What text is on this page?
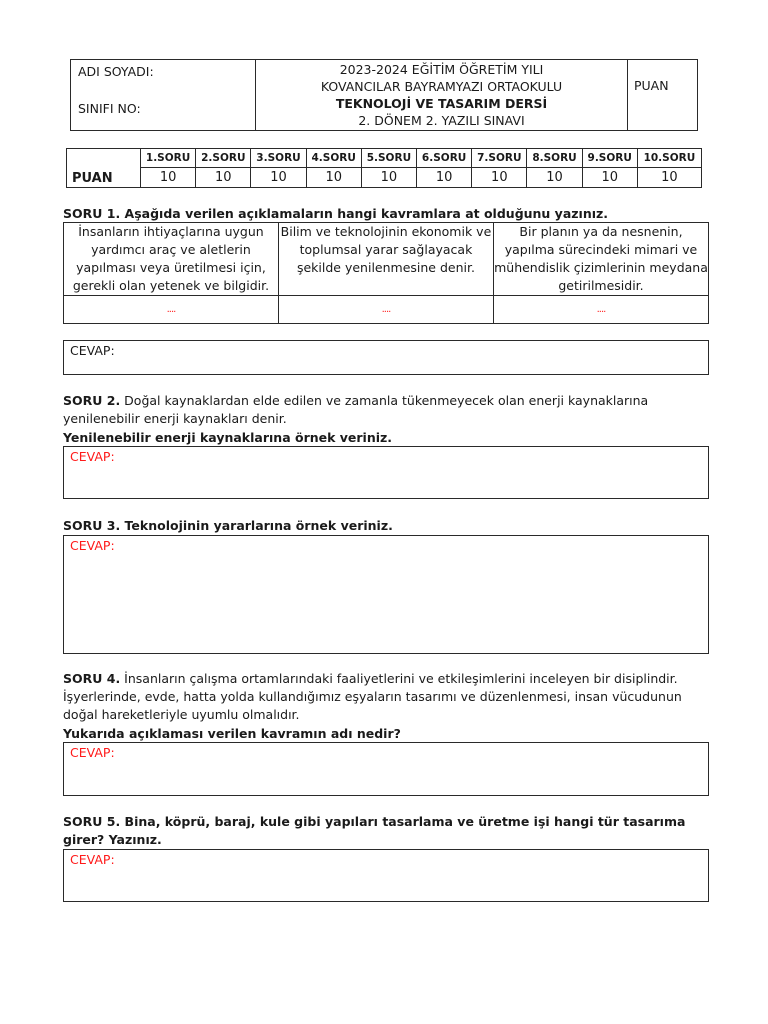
ADI SOYADI:
SINIFI NO:

2023-2024 EĞİTİM ÖĞRETİM YILI
KOVANCILAR BAYRAMYAZI ORTAOKULU
TEKNOLOJİ VE TASARIM DERSİ
2. DÖNEM 2. YAZILI SINAVI
	PUAN
PUAN	1.SORU	2.SORU	3.SORU	4.SORU	5.SORU	6.SORU	7.SORU	8.SORU	9.SORU	10.SORU
	10	10	10	10	10	10	10	10	10	10
SORU 1. Aşağıda verilen açıklamaların hangi kavramlara at olduğunu yazınız.
İnsanların ihtiyaçlarına uygun yardımcı araç ve aletlerin yapılması veya üretilmesi için, gerekli olan yetenek ve bilgidir.	Bilim ve teknolojinin ekonomik ve toplumsal yarar sağlayacak şekilde yenilenmesine denir.	Bir planın ya da nesnenin, yapılma sürecindeki mimari ve mühendislik çizimlerinin meydana getirilmesidir.
....	....	....
CEVAP:
SORU 2. Doğal kaynaklardan elde edilen ve zamanla tükenmeyecek olan enerji kaynaklarına yenilenebilir enerji kaynakları denir.
Yenilenebilir enerji kaynaklarına örnek veriniz.
CEVAP:
SORU 3. Teknolojinin yararlarına örnek veriniz.
CEVAP:
SORU 4. İnsanların çalışma ortamlarındaki faaliyetlerini ve etkileşimlerini inceleyen bir disiplindir. İşyerlerinde, evde, hatta yolda kullandığımız eşyaların tasarımı ve düzenlenmesi, insan vücudunun doğal hareketleriyle uyumlu olmalıdır.
Yukarıda açıklaması verilen kavramın adı nedir?
CEVAP:
SORU 5. Bina, köprü, baraj, kule gibi yapıları tasarlama ve üretme işi hangi tür tasarıma girer? Yazınız.
CEVAP:
